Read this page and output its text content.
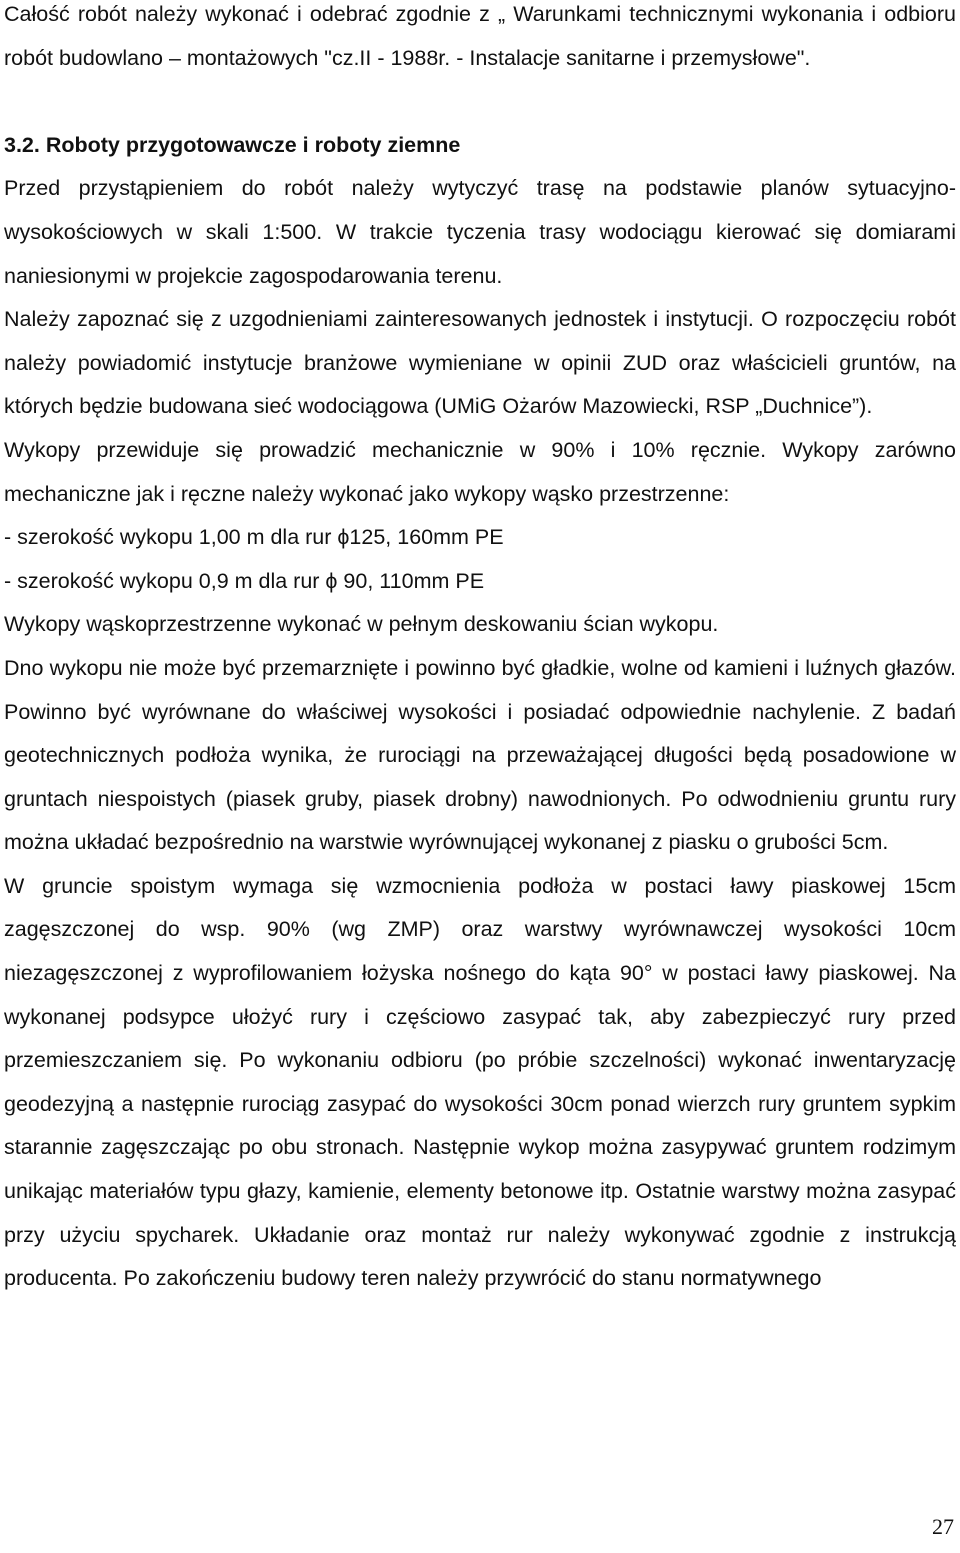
Całość robót należy wykonać i odebrać zgodnie z „ Warunkami technicznymi wykonania i odbioru robót budowlano – montażowych "cz.II - 1988r. - Instalacje sanitarne i przemysłowe".

3.2. Roboty przygotowawcze i roboty ziemne

Przed przystąpieniem do robót należy wytyczyć trasę na podstawie planów sytuacyjno-wysokościowych w skali 1:500. W trakcie tyczenia trasy wodociągu kierować się domiarami naniesionymi w projekcie zagospodarowania terenu.

Należy zapoznać się z uzgodnieniami zainteresowanych jednostek i instytucji. O rozpoczęciu robót należy powiadomić instytucje branżowe wymieniane w opinii ZUD oraz właścicieli gruntów, na których będzie budowana sieć wodociągowa (UMiG Ożarów Mazowiecki, RSP „Duchnice”).

Wykopy przewiduje się prowadzić mechanicznie w 90% i 10% ręcznie. Wykopy zarówno mechaniczne jak i ręczne należy wykonać jako wykopy wąsko przestrzenne:

- szerokość wykopu 1,00 m dla rur ϕ125, 160mm PE

- szerokość wykopu 0,9 m dla rur ϕ 90, 110mm PE

Wykopy wąskoprzestrzenne wykonać w pełnym deskowaniu ścian wykopu.

Dno wykopu nie może być przemarznięte i powinno być gładkie, wolne od kamieni i luźnych głazów. Powinno być wyrównane do właściwej wysokości i posiadać odpowiednie nachylenie. Z badań geotechnicznych podłoża wynika, że rurociągi na przeważającej długości będą posadowione w gruntach niespoistych (piasek gruby, piasek drobny) nawodnionych. Po odwodnieniu gruntu rury można układać bezpośrednio na warstwie wyrównującej wykonanej z piasku o grubości 5cm.

W gruncie spoistym wymaga się wzmocnienia podłoża w postaci ławy piaskowej 15cm zagęszczonej do wsp. 90% (wg ZMP) oraz warstwy wyrównawczej wysokości 10cm niezagęszczonej z wyprofilowaniem łożyska nośnego do kąta 90° w postaci ławy piaskowej. Na wykonanej podsypce ułożyć rury i częściowo zasypać tak, aby zabezpieczyć rury przed przemieszczaniem się. Po wykonaniu odbioru (po próbie szczelności) wykonać inwentaryzację geodezyjną a następnie rurociąg zasypać do wysokości 30cm ponad wierzch rury gruntem sypkim starannie zagęszczając po obu stronach. Następnie wykop można zasypywać gruntem rodzimym unikając materiałów typu głazy, kamienie, elementy betonowe itp. Ostatnie warstwy można zasypać przy użyciu spycharek. Układanie oraz montaż rur należy wykonywać zgodnie z instrukcją producenta. Po zakończeniu budowy teren należy przywrócić do stanu normatywnego

27
